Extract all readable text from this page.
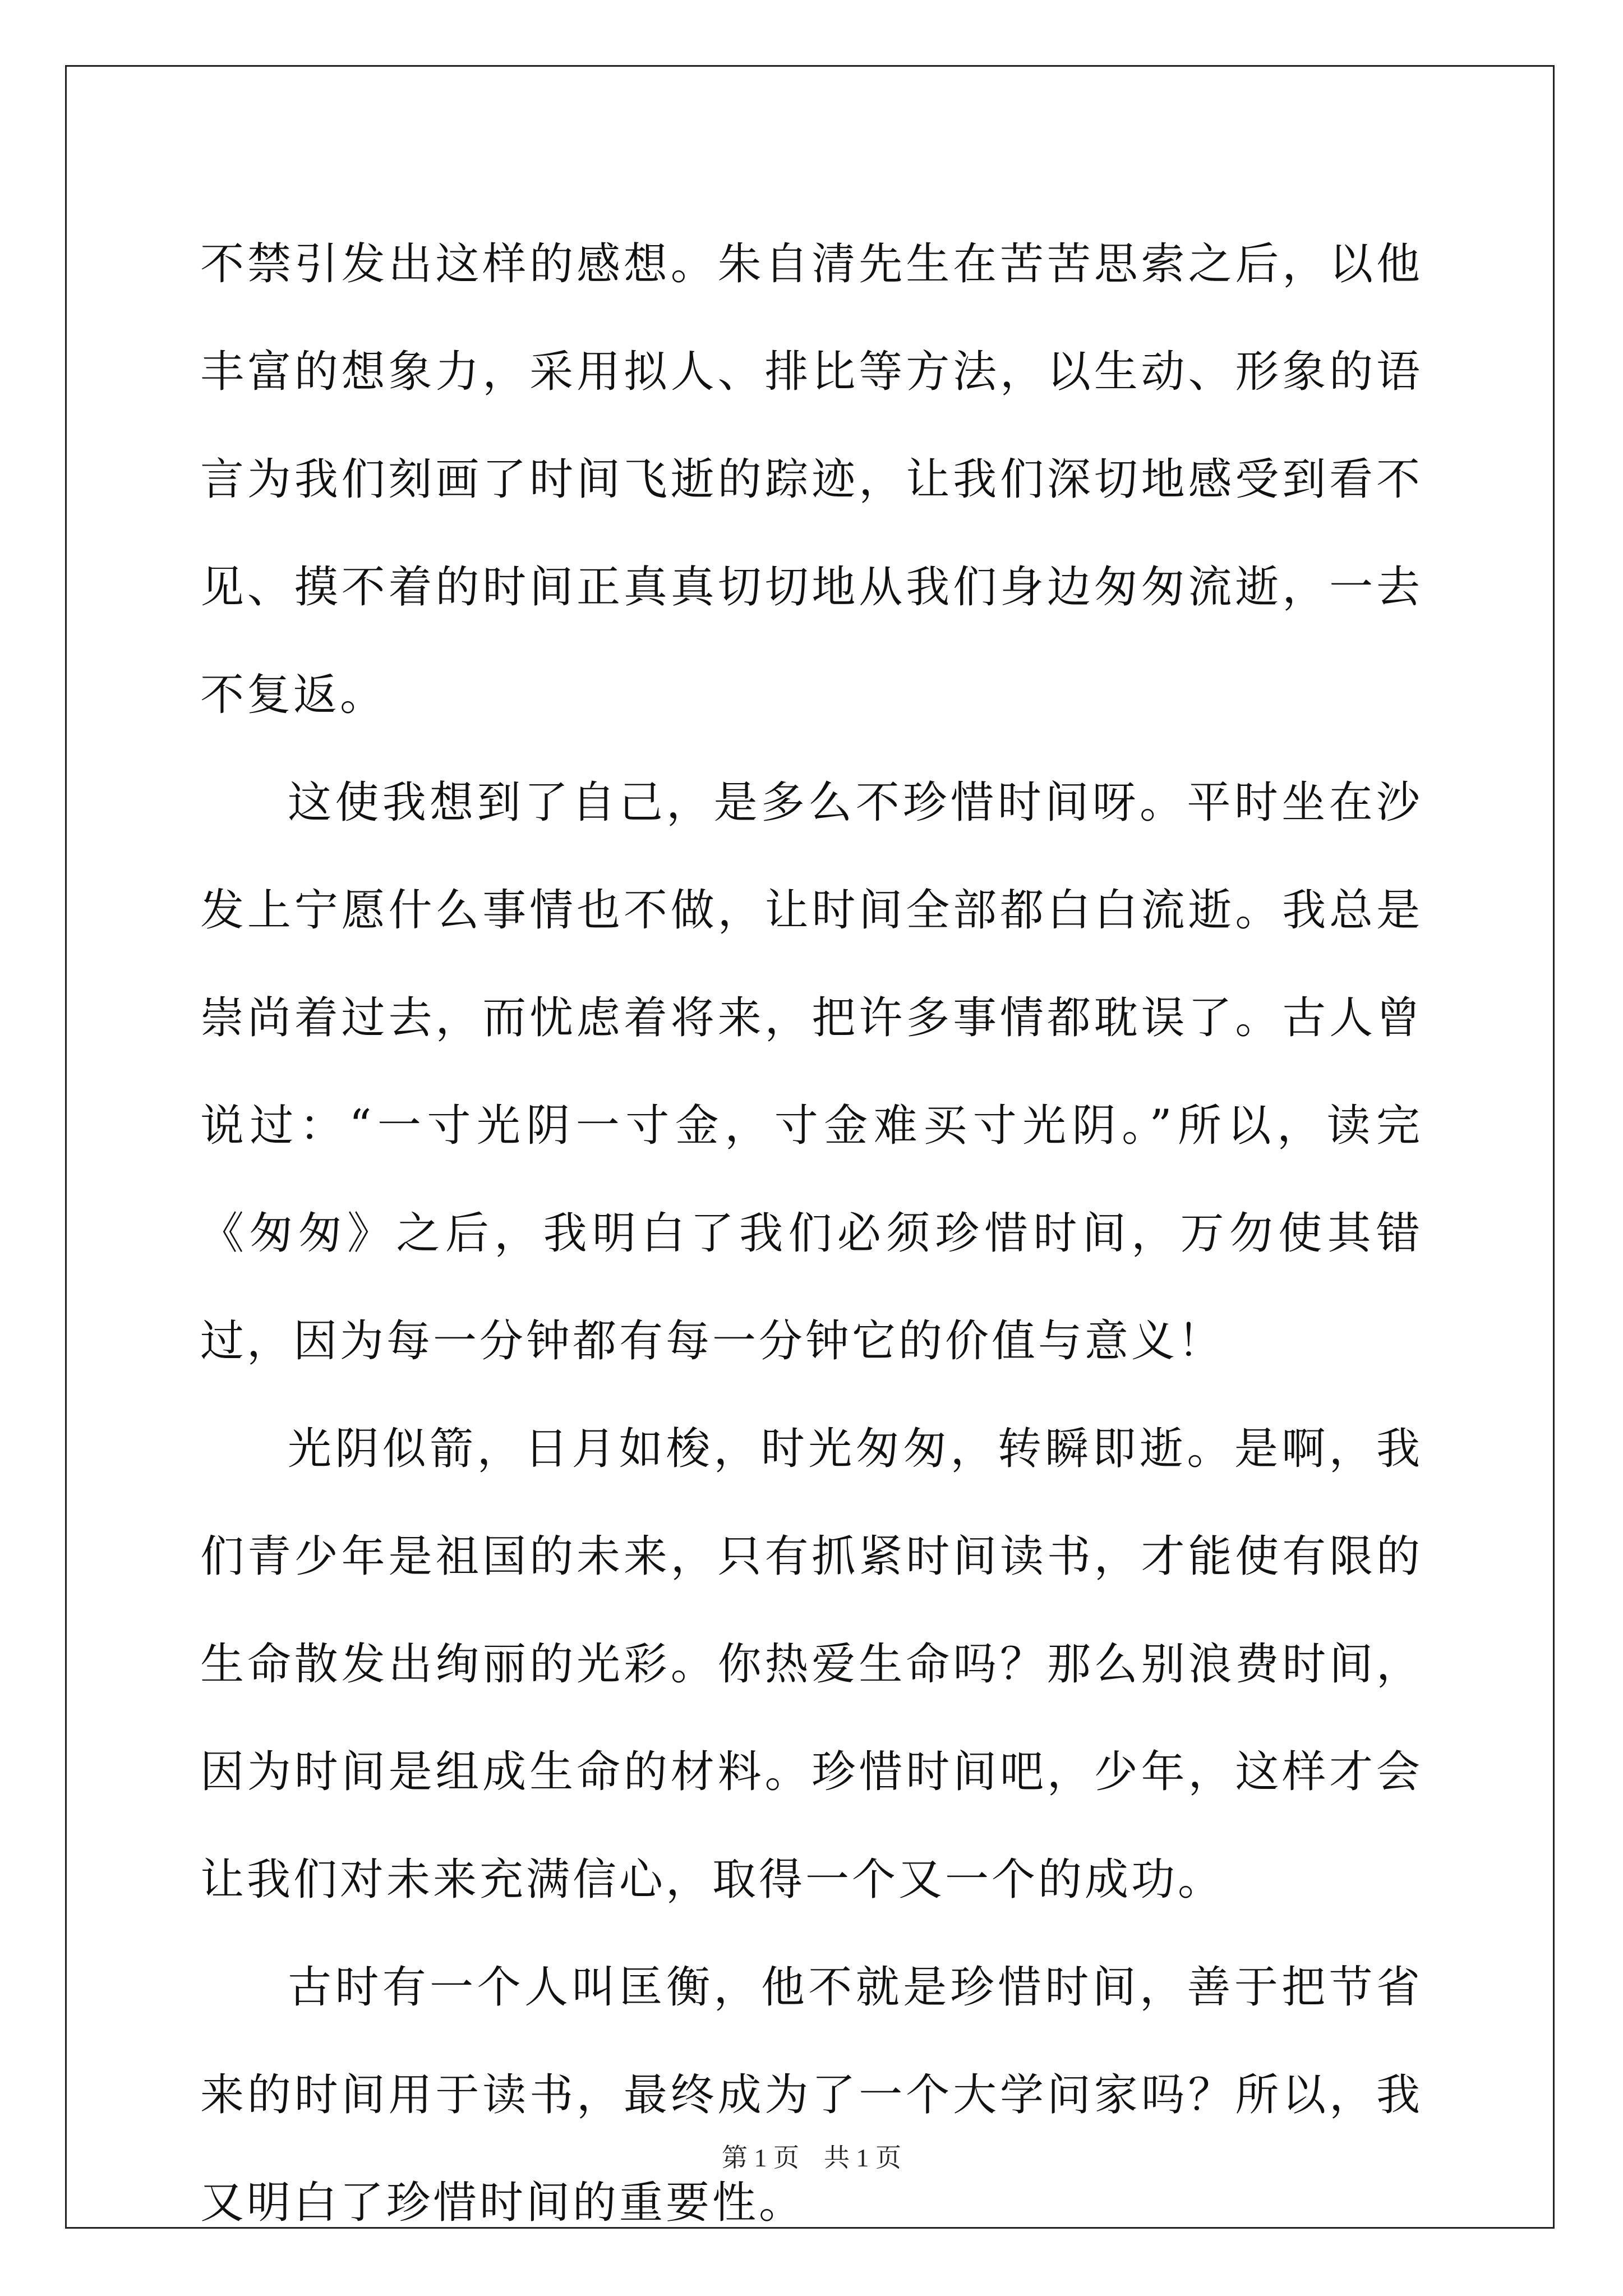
不禁引发出这样的感想。朱自清先生在苦苦思索之后，以他丰富的想象力，采用拟人、排比等方法，以生动、形象的语言为我们刻画了时间飞逝的踪迹，让我们深切地感受到看不见、摸不着的时间正真真切切地从我们身边匆匆流逝，一去不复返。

这使我想到了自己，是多么不珍惜时间呀。平时坐在沙发上宁愿什么事情也不做，让时间全部都白白流逝。我总是崇尚着过去，而忧虑着将来，把许多事情都耽误了。古人曾说过：“一寸光阴一寸金，寸金难买寸光阴。”所以，读完《匆匆》之后，我明白了我们必须珍惜时间，万勿使其错过，因为每一分钟都有每一分钟它的价值与意义！

光阴似箭，日月如梭，时光匆匆，转瞬即逝。是啊，我们青少年是祖国的未来，只有抓紧时间读书，才能使有限的生命散发出绚丽的光彩。你热爱生命吗？那么别浪费时间，因为时间是组成生命的材料。珍惜时间吧，少年，这样才会让我们对未来充满信心，取得一个又一个的成功。

古时有一个人叫匡衡，他不就是珍惜时间，善于把节省来的时间用于读书，最终成为了一个大学问家吗？所以，我又明白了珍惜时间的重要性。

第 1 页 共 1 页
